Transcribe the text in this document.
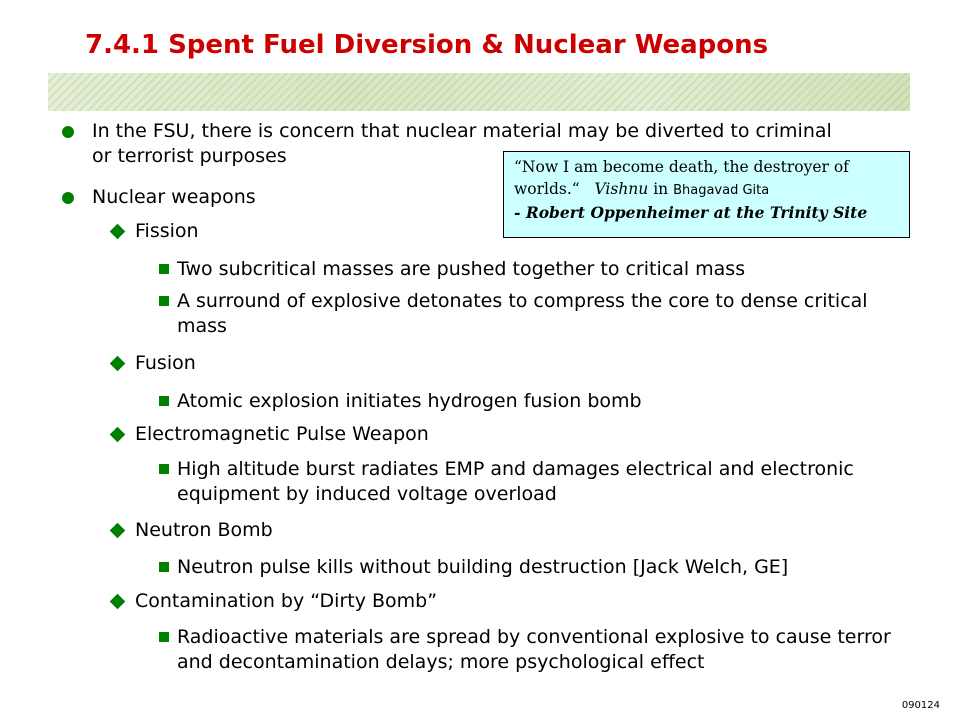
7.4.1 Spent Fuel Diversion & Nuclear Weapons
In the FSU, there is concern that nuclear material may be diverted to criminal or terrorist purposes
Nuclear weapons
Fission
Two subcritical masses are pushed together to critical mass
A surround of explosive detonates to compress the core to dense critical mass
Fusion
Atomic explosion initiates hydrogen fusion bomb
Electromagnetic Pulse Weapon
High altitude burst radiates EMP and damages electrical and electronic equipment by induced voltage overload
Neutron Bomb
Neutron pulse kills without building destruction [Jack Welch, GE]
Contamination by “Dirty Bomb”
Radioactive materials are spread by conventional explosive to cause terror and decontamination delays; more psychological effect
“Now I am become death, the destroyer of worlds.“ Vishnu in Bhagavad Gita
- Robert Oppenheimer at the Trinity Site
090124
